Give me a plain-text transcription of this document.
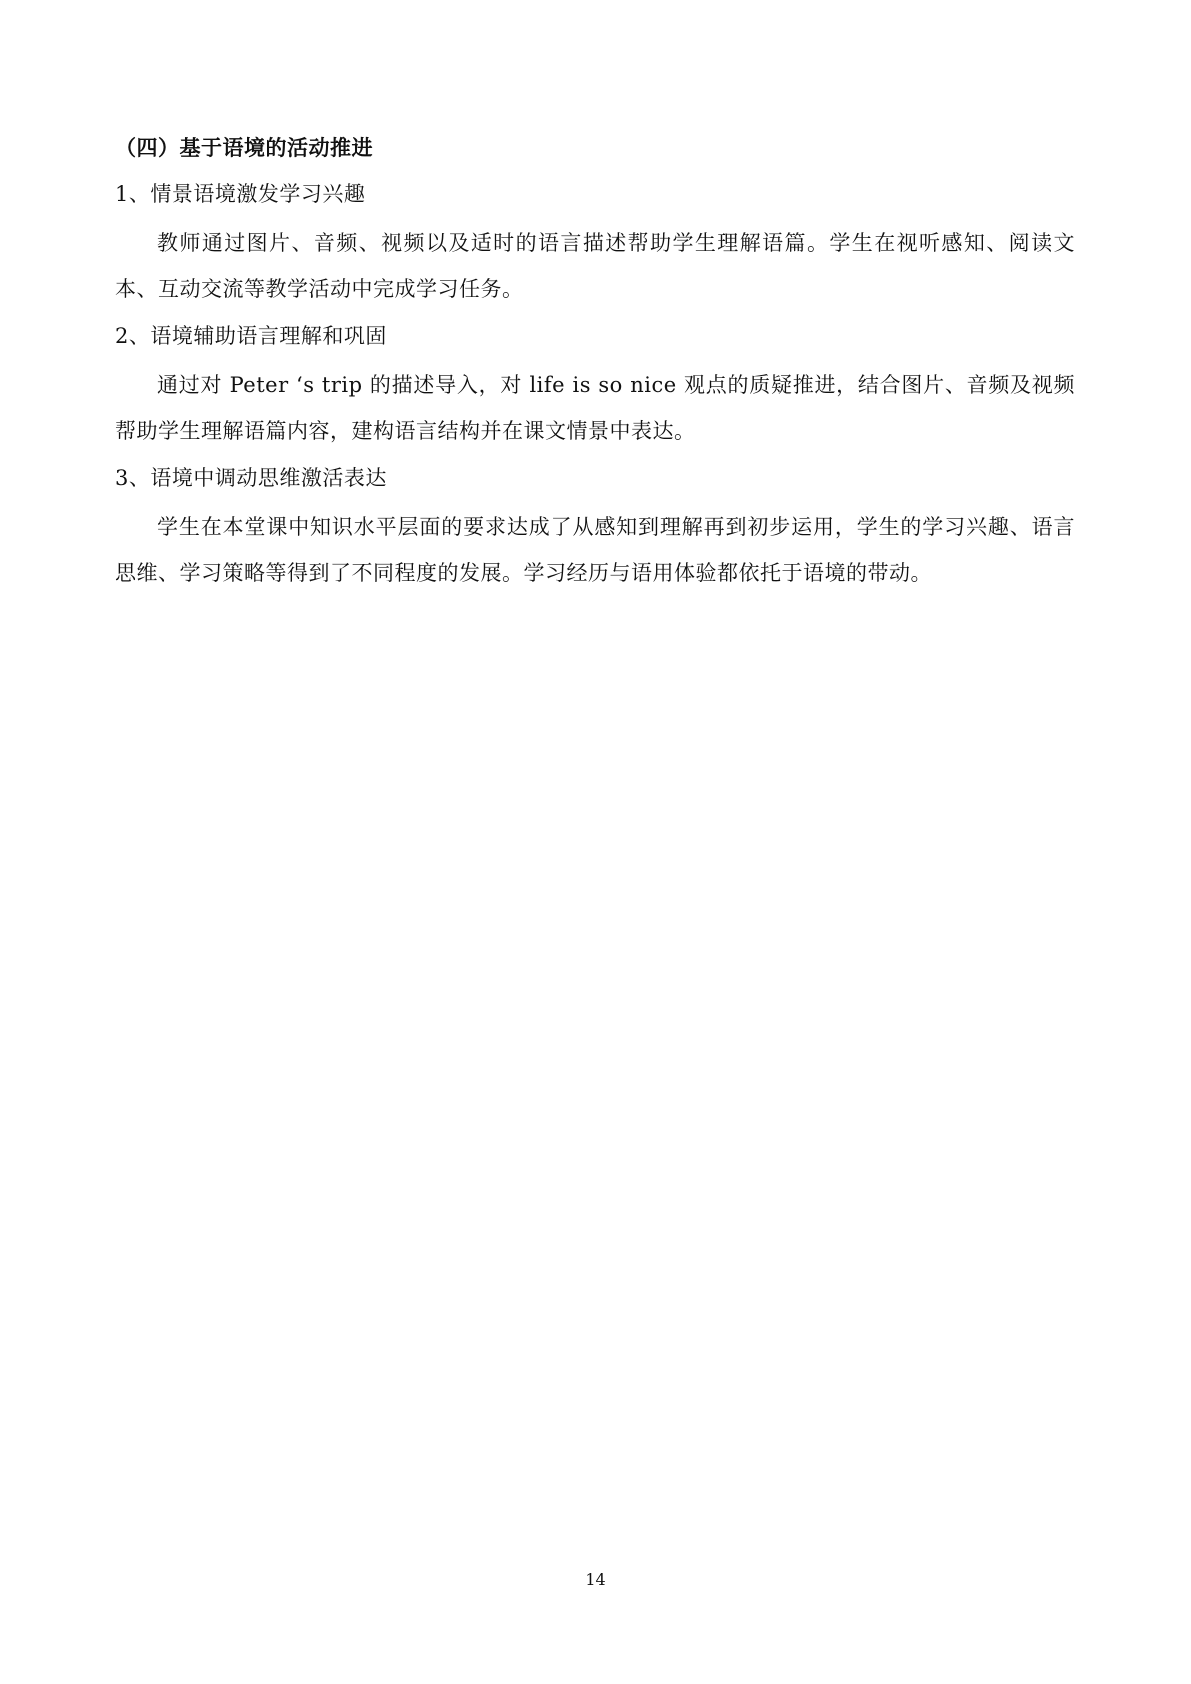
（四）基于语境的活动推进
1、情景语境激发学习兴趣

教师通过图片、音频、视频以及适时的语言描述帮助学生理解语篇。学生在视听感知、阅读文本、互动交流等教学活动中完成学习任务。

2、语境辅助语言理解和巩固

通过对 Peter ‘s trip 的描述导入，对 life is so nice 观点的质疑推进，结合图片、音频及视频帮助学生理解语篇内容，建构语言结构并在课文情景中表达。

3、语境中调动思维激活表达

学生在本堂课中知识水平层面的要求达成了从感知到理解再到初步运用，学生的学习兴趣、语言思维、学习策略等得到了不同程度的发展。学习经历与语用体验都依托于语境的带动。

14
